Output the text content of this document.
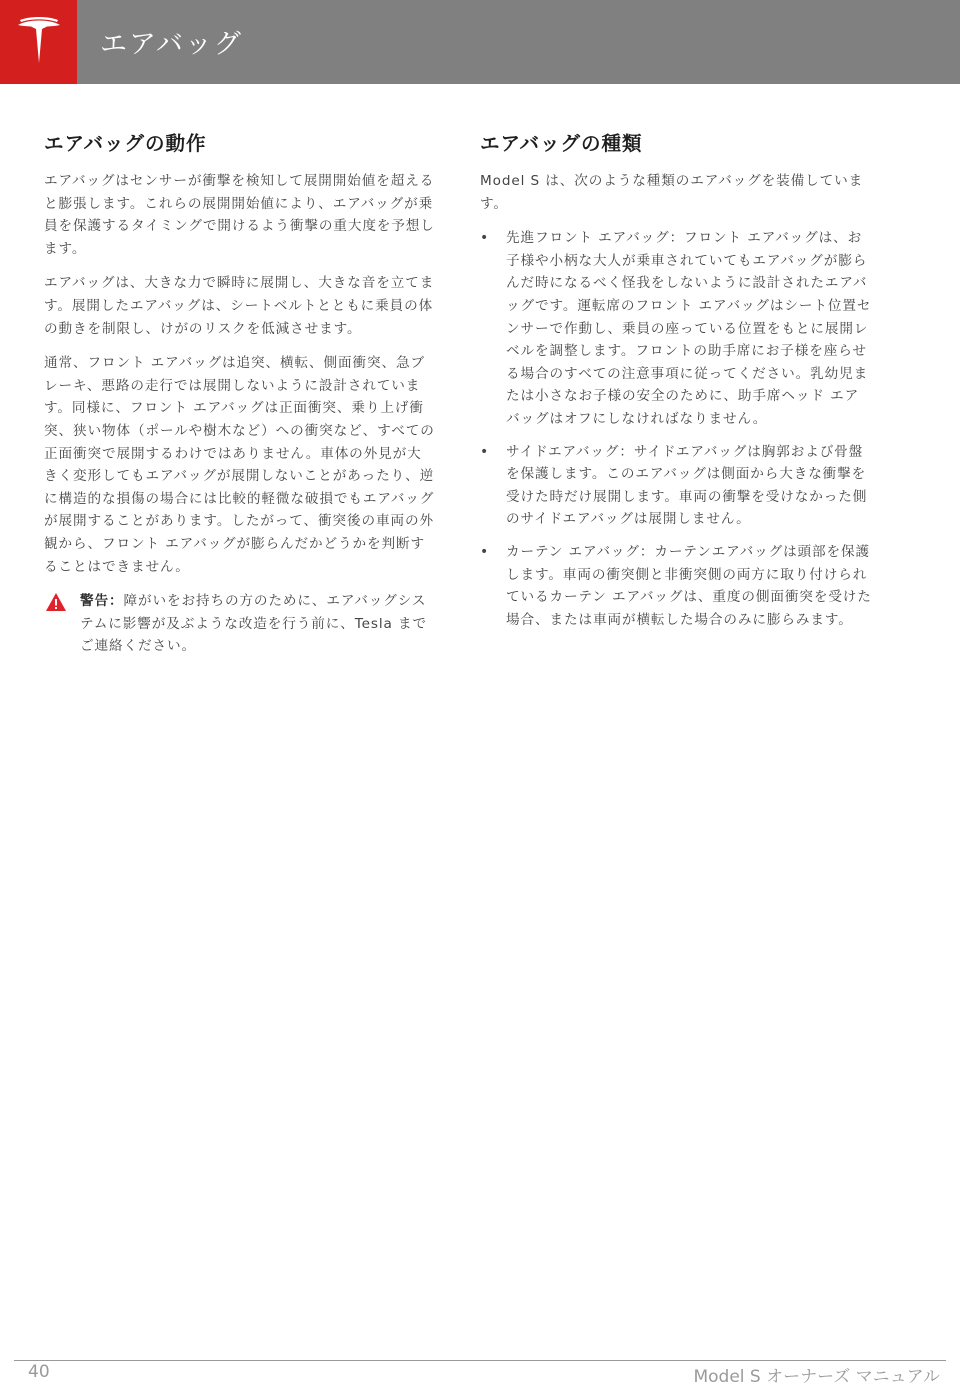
エアバッグ
エアバッグの動作

エアバッグはセンサーが衝撃を検知して展開開始値を超えると膨張します。これらの展開開始値により、エアバッグが乗員を保護するタイミングで開けるよう衝撃の重大度を予想します。

エアバッグは、大きな力で瞬時に展開し、大きな音を立てます。展開したエアバッグは、シートベルトとともに乗員の体の動きを制限し、けがのリスクを低減させます。

通常、フロント エアバッグは追突、横転、側面衝突、急ブレーキ、悪路の走行では展開しないように設計されています。同様に、フロント エアバッグは正面衝突、乗り上げ衝突、狭い物体（ポールや樹木など）への衝突など、すべての正面衝突で展開するわけではありません。車体の外見が大きく変形してもエアバッグが展開しないことがあったり、逆に構造的な損傷の場合には比較的軽微な破損でもエアバッグが展開することがあります。したがって、衝突後の車両の外観から、フロント エアバッグが膨らんだかどうかを判断することはできません。

警告：障がいをお持ちの方のために、エアバッグシステムに影響が及ぶような改造を行う前に、Tesla までご連絡ください。

エアバッグの種類

Model S は、次のような種類のエアバッグを装備しています。

• 先進フロント エアバッグ：フロント エアバッグは、お子様や小柄な大人が乗車されていてもエアバッグが膨らんだ時になるべく怪我をしないように設計されたエアバッグです。運転席のフロント エアバッグはシート位置センサーで作動し、乗員の座っている位置をもとに展開レベルを調整します。フロントの助手席にお子様を座らせる場合のすべての注意事項に従ってください。乳幼児または小さなお子様の安全のために、助手席ヘッド エアバッグはオフにしなければなりません。

• サイドエアバッグ：サイドエアバッグは胸郭および骨盤を保護します。このエアバッグは側面から大きな衝撃を受けた時だけ展開します。車両の衝撃を受けなかった側のサイドエアバッグは展開しません。

• カーテン エアバッグ：カーテンエアバッグは頭部を保護します。車両の衝突側と非衝突側の両方に取り付けられているカーテン エアバッグは、重度の側面衝突を受けた場合、または車両が横転した場合のみに膨らみます。

40	Model S オーナーズ マニュアル
